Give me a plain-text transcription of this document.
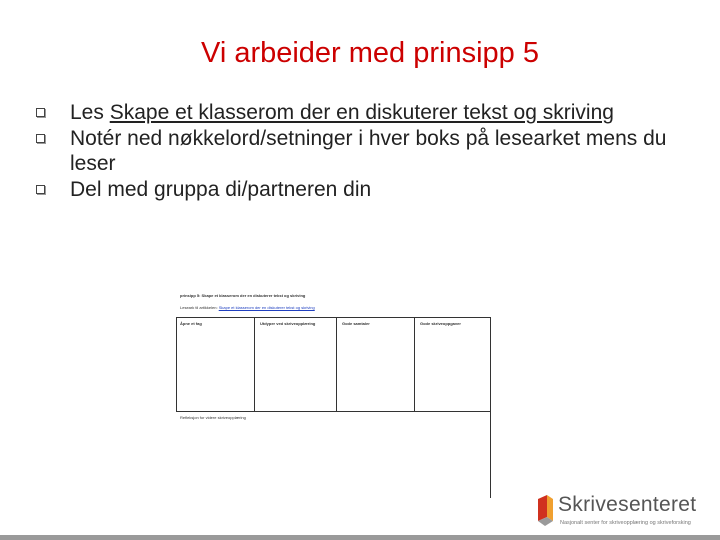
Vi arbeider med prinsipp 5
Les Skape et klasserom der en diskuterer tekst og skriving
Notér ned nøkkelord/setninger i hver boks på lesearket mens du leser
Del med gruppa di/partneren din
prinsipp 5: Skape et klasserom der en diskuterer tekst og skriving
Leseark til artikkelen: Skape et klasserom der en diskuterer tekst og skriving
Åpne et fag	Utdyper ved skriveopplæring	Gode samtaler	Gode skriveoppgaver
Refleksjon for videre skriveopplæring
Skrivesenteret
Nasjonalt senter for skriveopplæring og skriveforsking
